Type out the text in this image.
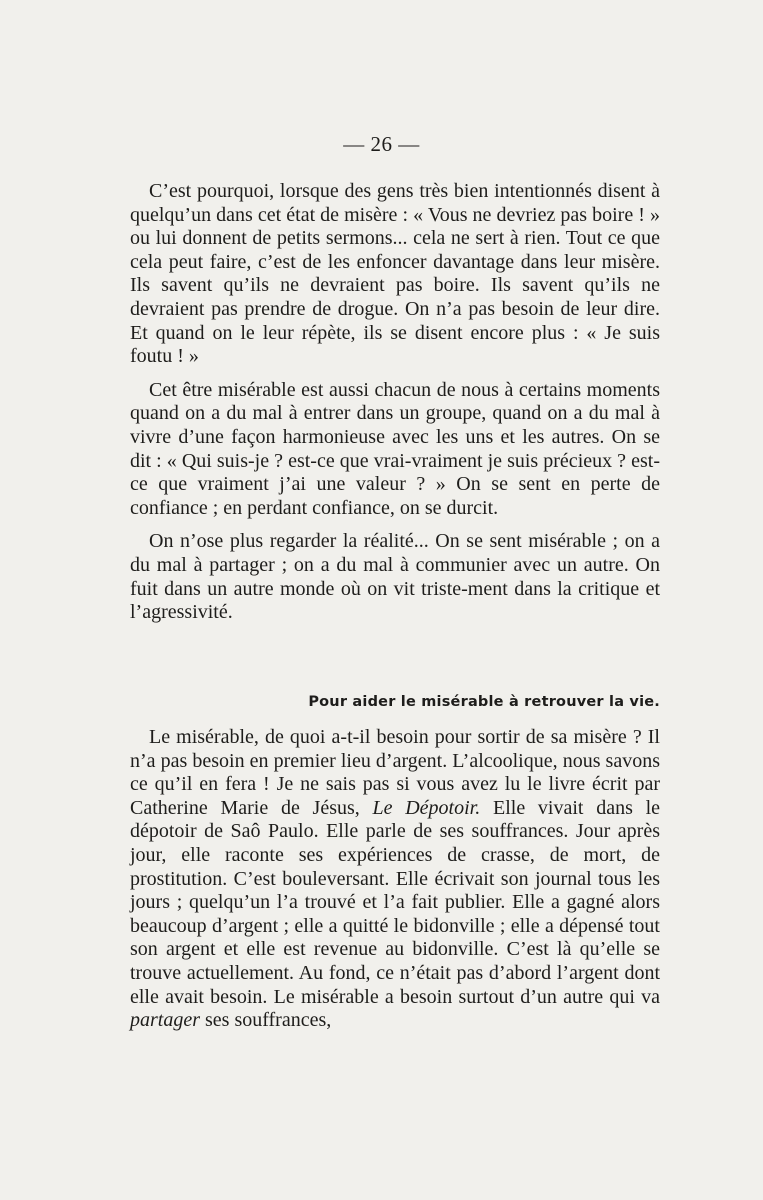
— 26 —

C’est pourquoi, lorsque des gens très bien intentionnés disent à quelqu’un dans cet état de misère : « Vous ne devriez pas boire ! » ou lui donnent de petits sermons... cela ne sert à rien. Tout ce que cela peut faire, c’est de les enfoncer davantage dans leur misère. Ils savent qu’ils ne devraient pas boire. Ils savent qu’ils ne devraient pas prendre de drogue. On n’a pas besoin de leur dire. Et quand on le leur répète, ils se disent encore plus : « Je suis foutu ! »

Cet être misérable est aussi chacun de nous à certains moments quand on a du mal à entrer dans un groupe, quand on a du mal à vivre d’une façon harmonieuse avec les uns et les autres. On se dit : « Qui suis-je ? est-ce que vrai-vraiment je suis précieux ? est-ce que vraiment j’ai une valeur ? » On se sent en perte de confiance ; en perdant confiance, on se durcit.

On n’ose plus regarder la réalité... On se sent misérable ; on a du mal à partager ; on a du mal à communier avec un autre. On fuit dans un autre monde où on vit triste-ment dans la critique et l’agressivité.

Pour aider le misérable à retrouver la vie.

Le misérable, de quoi a-t-il besoin pour sortir de sa misère ? Il n’a pas besoin en premier lieu d’argent. L’alcoolique, nous savons ce qu’il en fera ! Je ne sais pas si vous avez lu le livre écrit par Catherine Marie de Jésus, Le Dépotoir. Elle vivait dans le dépotoir de Saô Paulo. Elle parle de ses souffrances. Jour après jour, elle raconte ses expériences de crasse, de mort, de prostitution. C’est bouleversant. Elle écrivait son journal tous les jours ; quelqu’un l’a trouvé et l’a fait publier. Elle a gagné alors beaucoup d’argent ; elle a quitté le bidonville ; elle a dépensé tout son argent et elle est revenue au bidonville. C’est là qu’elle se trouve actuellement. Au fond, ce n’était pas d’abord l’argent dont elle avait besoin. Le misérable a besoin surtout d’un autre qui va partager ses souffrances,
